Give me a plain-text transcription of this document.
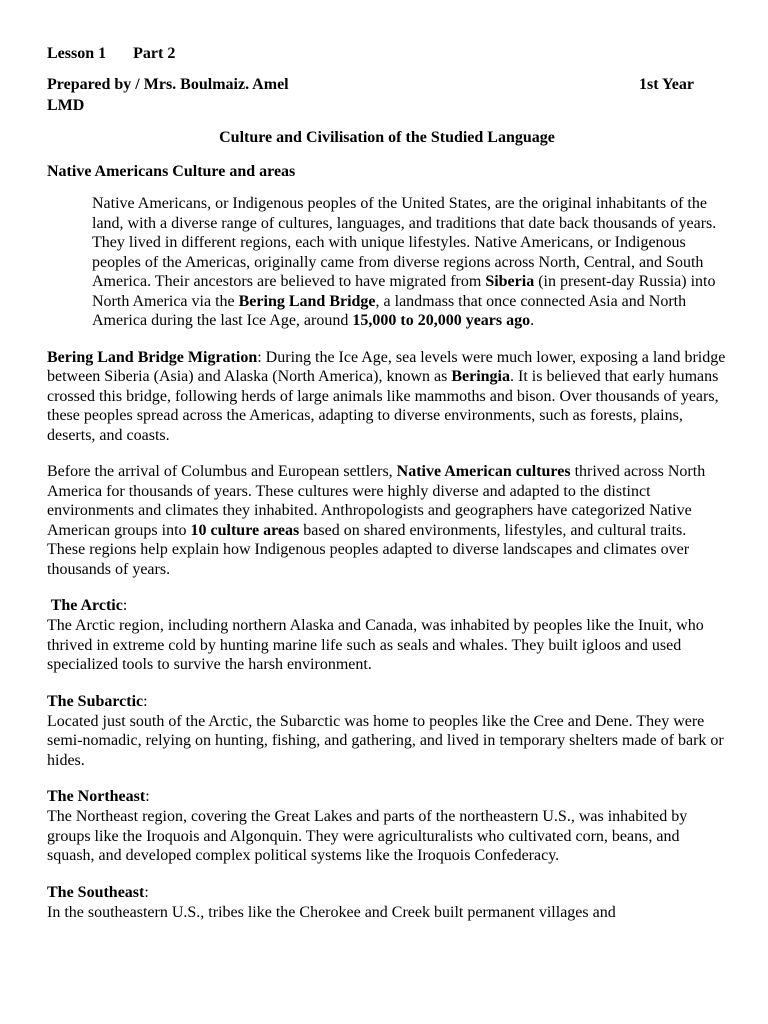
Lesson 1 Part 2
Prepared by / Mrs. Boulmaiz. Amel	1st Year
LMD
Culture and Civilisation of the Studied Language
Native Americans Culture and areas

Native Americans, or Indigenous peoples of the United States, are the original inhabitants of the land, with a diverse range of cultures, languages, and traditions that date back thousands of years. They lived in different regions, each with unique lifestyles. Native Americans, or Indigenous peoples of the Americas, originally came from diverse regions across North, Central, and South America. Their ancestors are believed to have migrated from Siberia (in present-day Russia) into North America via the Bering Land Bridge, a landmass that once connected Asia and North America during the last Ice Age, around 15,000 to 20,000 years ago.

Bering Land Bridge Migration: During the Ice Age, sea levels were much lower, exposing a land bridge between Siberia (Asia) and Alaska (North America), known as Beringia. It is believed that early humans crossed this bridge, following herds of large animals like mammoths and bison. Over thousands of years, these peoples spread across the Americas, adapting to diverse environments, such as forests, plains, deserts, and coasts.

Before the arrival of Columbus and European settlers, Native American cultures thrived across North America for thousands of years. These cultures were highly diverse and adapted to the distinct environments and climates they inhabited. Anthropologists and geographers have categorized Native American groups into 10 culture areas based on shared environments, lifestyles, and cultural traits. These regions help explain how Indigenous peoples adapted to diverse landscapes and climates over thousands of years.

The Arctic:

The Arctic region, including northern Alaska and Canada, was inhabited by peoples like the Inuit, who thrived in extreme cold by hunting marine life such as seals and whales. They built igloos and used specialized tools to survive the harsh environment.

The Subarctic:

Located just south of the Arctic, the Subarctic was home to peoples like the Cree and Dene. They were semi-nomadic, relying on hunting, fishing, and gathering, and lived in temporary shelters made of bark or hides.

The Northeast:

The Northeast region, covering the Great Lakes and parts of the northeastern U.S., was inhabited by groups like the Iroquois and Algonquin. They were agriculturalists who cultivated corn, beans, and squash, and developed complex political systems like the Iroquois Confederacy.

The Southeast:

In the southeastern U.S., tribes like the Cherokee and Creek built permanent villages and
